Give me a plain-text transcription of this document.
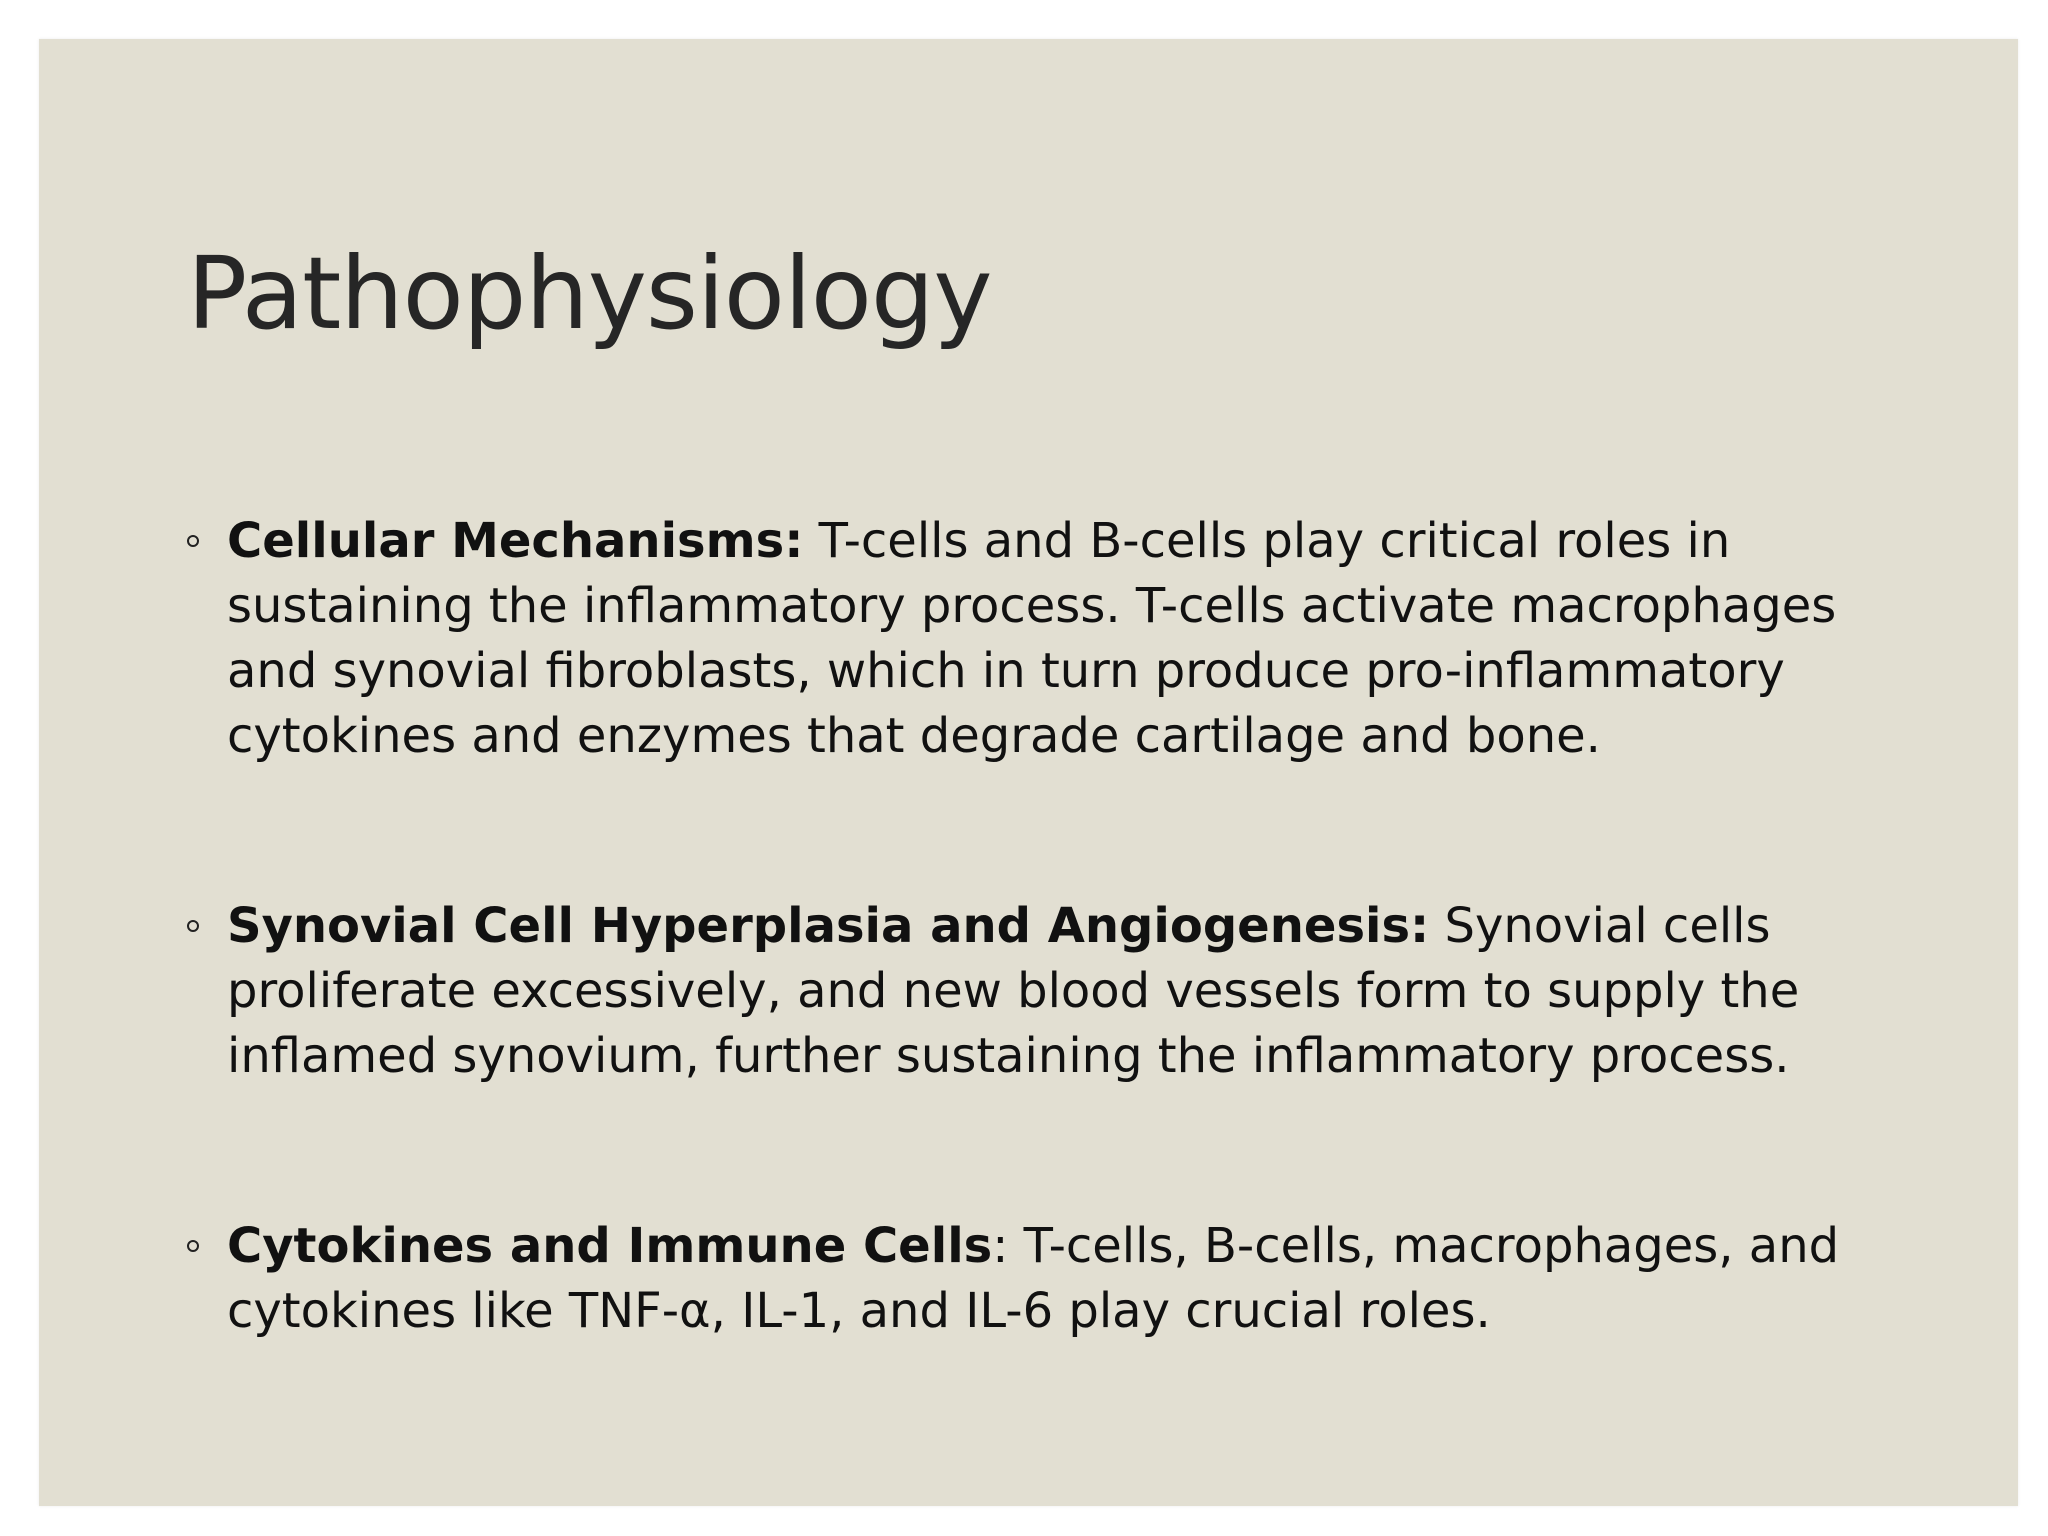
Pathophysiology
Cellular Mechanisms: T-cells and B-cells play critical roles in sustaining the inflammatory process. T-cells activate macrophages and synovial fibroblasts, which in turn produce pro-inflammatory cytokines and enzymes that degrade cartilage and bone.
Synovial Cell Hyperplasia and Angiogenesis: Synovial cells proliferate excessively, and new blood vessels form to supply the inflamed synovium, further sustaining the inflammatory process.
Cytokines and Immune Cells: T-cells, B-cells, macrophages, and cytokines like TNF-α, IL-1, and IL-6 play crucial roles.
